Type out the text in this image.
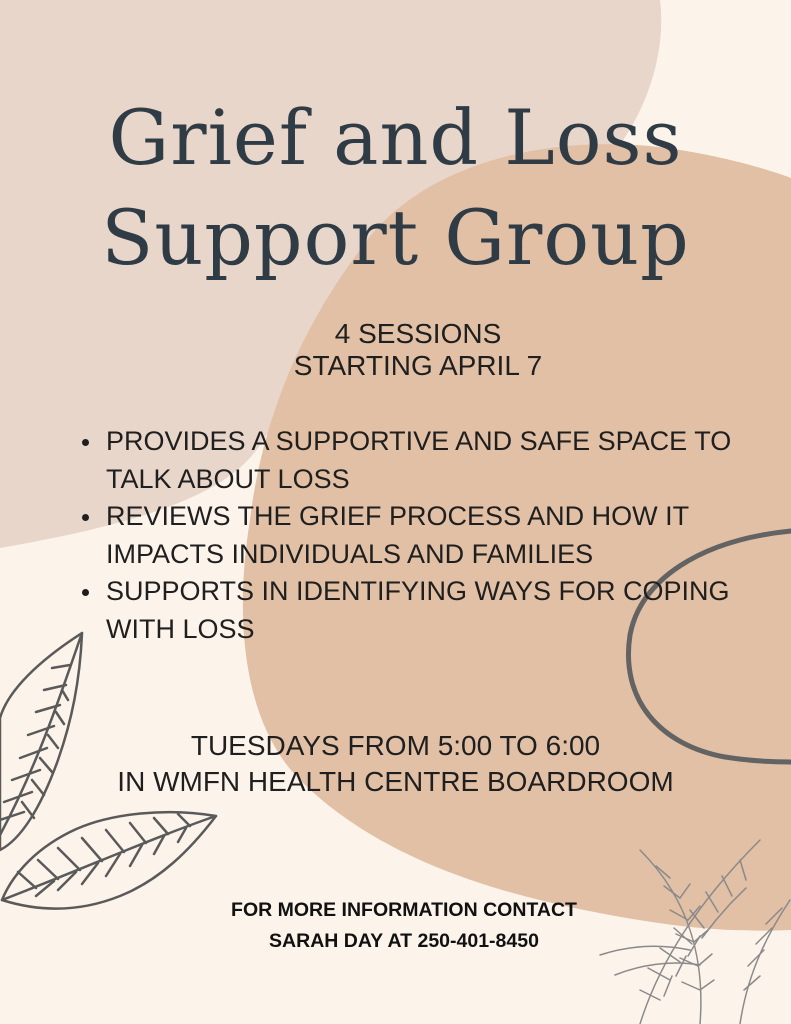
Grief and Loss
Support Group
4 SESSIONS
STARTING APRIL 7
PROVIDES A SUPPORTIVE AND SAFE SPACE TO TALK ABOUT LOSS
REVIEWS THE GRIEF PROCESS AND HOW IT IMPACTS INDIVIDUALS AND FAMILIES
SUPPORTS IN IDENTIFYING WAYS FOR COPING WITH LOSS
TUESDAYS FROM 5:00 TO 6:00
IN WMFN HEALTH CENTRE BOARDROOM
FOR MORE INFORMATION CONTACT
SARAH DAY AT 250-401-8450
